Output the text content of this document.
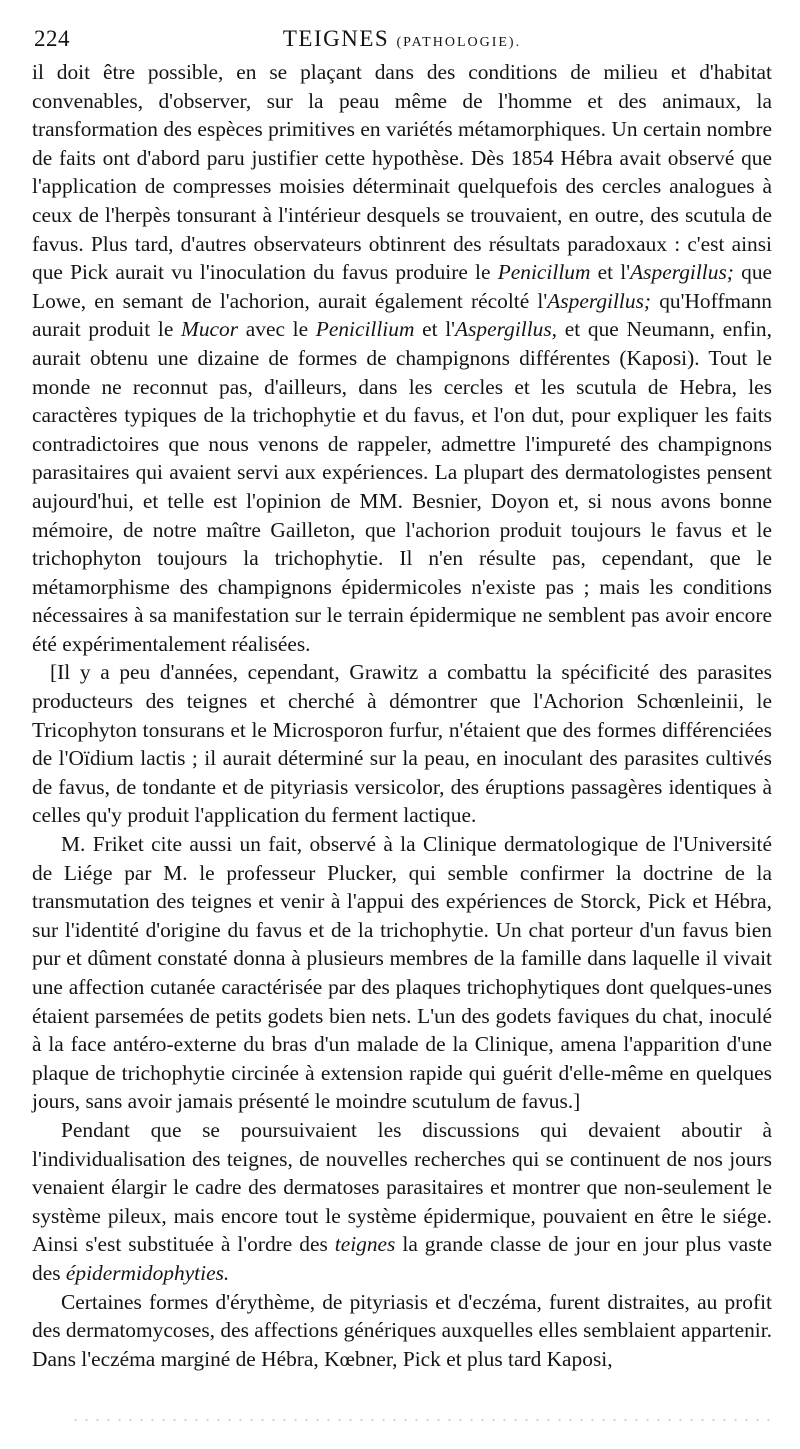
224	TEIGNES (PATHOLOGIE).

il doit être possible, en se plaçant dans des conditions de milieu et d'habitat convenables, d'observer, sur la peau même de l'homme et des animaux, la transformation des espèces primitives en variétés métamorphiques. Un certain nombre de faits ont d'abord paru justifier cette hypothèse. Dès 1854 Hébra avait observé que l'application de compresses moisies déterminait quelquefois des cercles analogues à ceux de l'herpès tonsurant à l'intérieur desquels se trouvaient, en outre, des scutula de favus. Plus tard, d'autres observateurs obtinrent des résultats paradoxaux : c'est ainsi que Pick aurait vu l'inoculation du favus produire le Penicillum et l'Aspergillus; que Lowe, en semant de l'achorion, aurait également récolté l'Aspergillus; qu'Hoffmann aurait produit le Mucor avec le Penicillium et l'Aspergillus, et que Neumann, enfin, aurait obtenu une dizaine de formes de champignons différentes (Kaposi). Tout le monde ne reconnut pas, d'ailleurs, dans les cercles et les scutula de Hebra, les caractères typiques de la trichophytie et du favus, et l'on dut, pour expliquer les faits contradictoires que nous venons de rappeler, admettre l'impureté des champignons parasitaires qui avaient servi aux expériences. La plupart des dermatologistes pensent aujourd'hui, et telle est l'opinion de MM. Besnier, Doyon et, si nous avons bonne mémoire, de notre maître Gailleton, que l'achorion produit toujours le favus et le trichophyton toujours la trichophytie. Il n'en résulte pas, cependant, que le métamorphisme des champignons épidermicoles n'existe pas ; mais les conditions nécessaires à sa manifestation sur le terrain épidermique ne semblent pas avoir encore été expérimentalement réalisées.

[Il y a peu d'années, cependant, Grawitz a combattu la spécificité des parasites producteurs des teignes et cherché à démontrer que l'Achorion Schœnleinii, le Tricophyton tonsurans et le Microsporon furfur, n'étaient que des formes différenciées de l'Oïdium lactis ; il aurait déterminé sur la peau, en inoculant des parasites cultivés de favus, de tondante et de pityriasis versicolor, des éruptions passagères identiques à celles qu'y produit l'application du ferment lactique.

M. Friket cite aussi un fait, observé à la Clinique dermatologique de l'Université de Liége par M. le professeur Plucker, qui semble confirmer la doctrine de la transmutation des teignes et venir à l'appui des expériences de Storck, Pick et Hébra, sur l'identité d'origine du favus et de la trichophytie. Un chat porteur d'un favus bien pur et dûment constaté donna à plusieurs membres de la famille dans laquelle il vivait une affection cutanée caractérisée par des plaques trichophytiques dont quelques-unes étaient parsemées de petits godets bien nets. L'un des godets faviques du chat, inoculé à la face antéro-externe du bras d'un malade de la Clinique, amena l'apparition d'une plaque de trichophytie circinée à extension rapide qui guérit d'elle-même en quelques jours, sans avoir jamais présenté le moindre scutulum de favus.]

Pendant que se poursuivaient les discussions qui devaient aboutir à l'individualisation des teignes, de nouvelles recherches qui se continuent de nos jours venaient élargir le cadre des dermatoses parasitaires et montrer que non-seulement le système pileux, mais encore tout le système épidermique, pouvaient en être le siége. Ainsi s'est substituée à l'ordre des teignes la grande classe de jour en jour plus vaste des épidermidophyties.

Certaines formes d'érythème, de pityriasis et d'eczéma, furent distraites, au profit des dermatomycoses, des affections génériques auxquelles elles semblaient appartenir. Dans l'eczéma marginé de Hébra, Kœbner, Pick et plus tard Kaposi,
